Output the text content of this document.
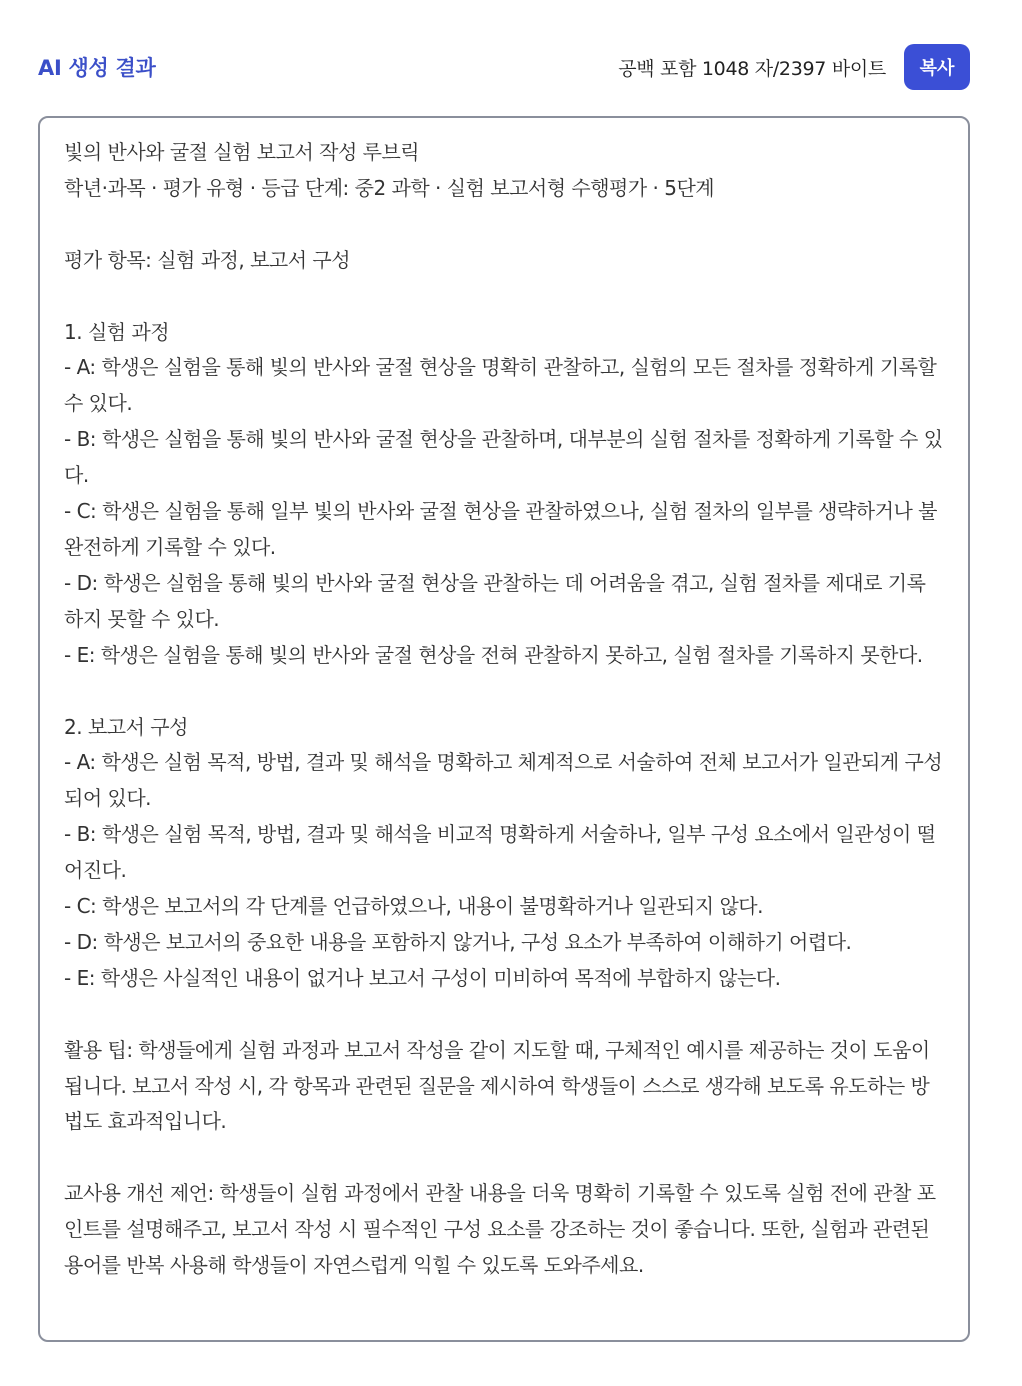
AI 생성 결과	공백 포함 1048 자/2397 바이트	복사

빛의 반사와 굴절 실험 보고서 작성 루브릭
학년·과목 · 평가 유형 · 등급 단계: 중2 과학 · 실험 보고서형 수행평가 · 5단계

평가 항목: 실험 과정, 보고서 구성

1. 실험 과정
- A: 학생은 실험을 통해 빛의 반사와 굴절 현상을 명확히 관찰하고, 실험의 모든 절차를 정확하게 기록할 수 있다.
- B: 학생은 실험을 통해 빛의 반사와 굴절 현상을 관찰하며, 대부분의 실험 절차를 정확하게 기록할 수 있다.
- C: 학생은 실험을 통해 일부 빛의 반사와 굴절 현상을 관찰하였으나, 실험 절차의 일부를 생략하거나 불완전하게 기록할 수 있다.
- D: 학생은 실험을 통해 빛의 반사와 굴절 현상을 관찰하는 데 어려움을 겪고, 실험 절차를 제대로 기록하지 못할 수 있다.
- E: 학생은 실험을 통해 빛의 반사와 굴절 현상을 전혀 관찰하지 못하고, 실험 절차를 기록하지 못한다.

2. 보고서 구성
- A: 학생은 실험 목적, 방법, 결과 및 해석을 명확하고 체계적으로 서술하여 전체 보고서가 일관되게 구성되어 있다.
- B: 학생은 실험 목적, 방법, 결과 및 해석을 비교적 명확하게 서술하나, 일부 구성 요소에서 일관성이 떨어진다.
- C: 학생은 보고서의 각 단계를 언급하였으나, 내용이 불명확하거나 일관되지 않다.
- D: 학생은 보고서의 중요한 내용을 포함하지 않거나, 구성 요소가 부족하여 이해하기 어렵다.
- E: 학생은 사실적인 내용이 없거나 보고서 구성이 미비하여 목적에 부합하지 않는다.

활용 팁: 학생들에게 실험 과정과 보고서 작성을 같이 지도할 때, 구체적인 예시를 제공하는 것이 도움이 됩니다. 보고서 작성 시, 각 항목과 관련된 질문을 제시하여 학생들이 스스로 생각해 보도록 유도하는 방법도 효과적입니다.

교사용 개선 제언: 학생들이 실험 과정에서 관찰 내용을 더욱 명확히 기록할 수 있도록 실험 전에 관찰 포인트를 설명해주고, 보고서 작성 시 필수적인 구성 요소를 강조하는 것이 좋습니다. 또한, 실험과 관련된 용어를 반복 사용해 학생들이 자연스럽게 익힐 수 있도록 도와주세요.
